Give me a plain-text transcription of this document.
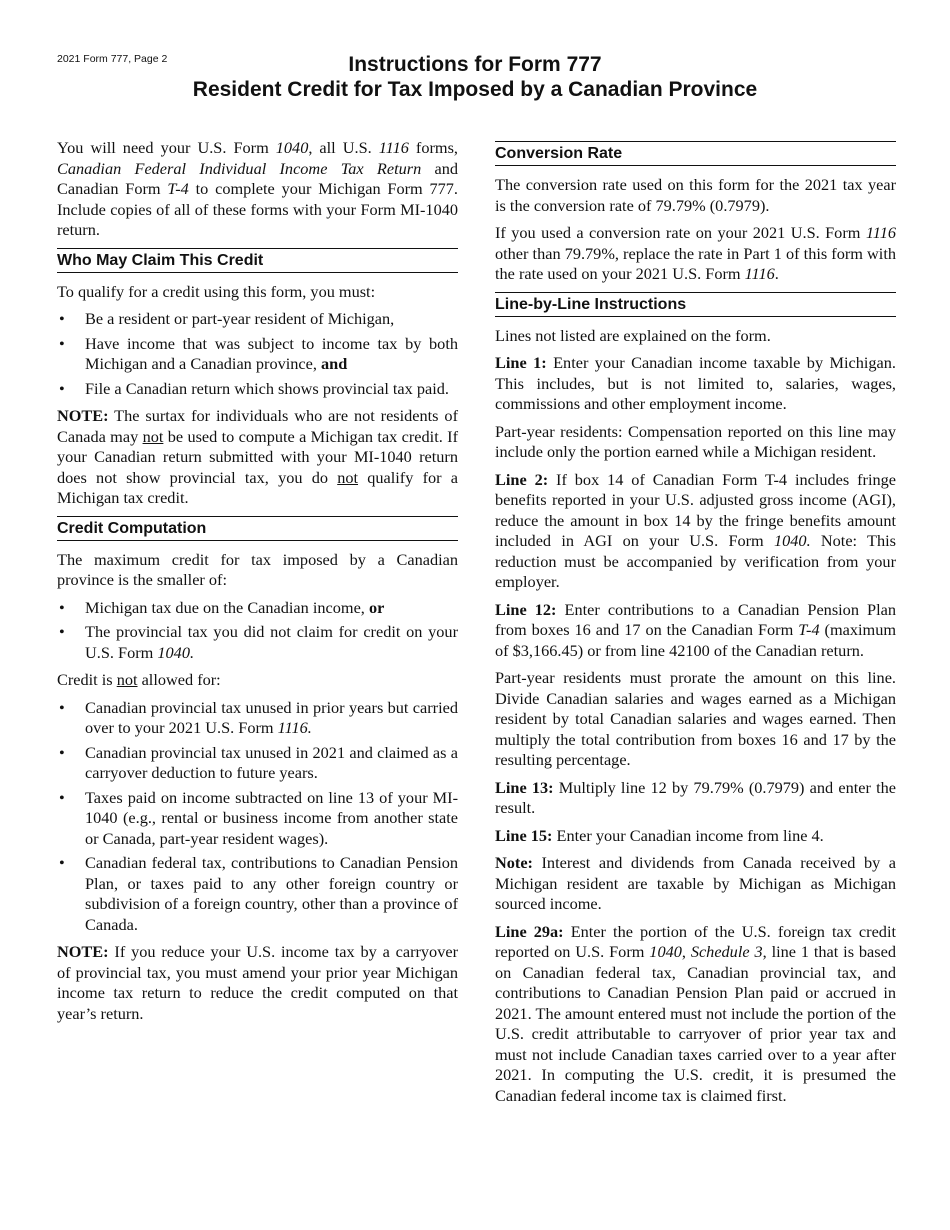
2021 Form 777, Page 2	Instructions for Form 777
Resident Credit for Tax Imposed by a Canadian Province

You will need your U.S. Form 1040, all U.S. 1116 forms, Canadian Federal Individual Income Tax Return and Canadian Form T-4 to complete your Michigan Form 777. Include copies of all of these forms with your Form MI-1040 return.

Who May Claim This Credit

To qualify for a credit using this form, you must:

• Be a resident or part-year resident of Michigan,
• Have income that was subject to income tax by both Michigan and a Canadian province, and
• File a Canadian return which shows provincial tax paid.

NOTE: The surtax for individuals who are not residents of Canada may not be used to compute a Michigan tax credit. If your Canadian return submitted with your MI-1040 return does not show provincial tax, you do not qualify for a Michigan tax credit.

Credit Computation

The maximum credit for tax imposed by a Canadian province is the smaller of:

• Michigan tax due on the Canadian income, or
• The provincial tax you did not claim for credit on your U.S. Form 1040.

Credit is not allowed for:

• Canadian provincial tax unused in prior years but carried over to your 2021 U.S. Form 1116.
• Canadian provincial tax unused in 2021 and claimed as a carryover deduction to future years.
• Taxes paid on income subtracted on line 13 of your MI-1040 (e.g., rental or business income from another state or Canada, part-year resident wages).
• Canadian federal tax, contributions to Canadian Pension Plan, or taxes paid to any other foreign country or subdivision of a foreign country, other than a province of Canada.

NOTE: If you reduce your U.S. income tax by a carryover of provincial tax, you must amend your prior year Michigan income tax return to reduce the credit computed on that year’s return.

Conversion Rate

The conversion rate used on this form for the 2021 tax year is the conversion rate of 79.79% (0.7979).

If you used a conversion rate on your 2021 U.S. Form 1116 other than 79.79%, replace the rate in Part 1 of this form with the rate used on your 2021 U.S. Form 1116.

Line-by-Line Instructions

Lines not listed are explained on the form.

Line 1: Enter your Canadian income taxable by Michigan. This includes, but is not limited to, salaries, wages, commissions and other employment income.

Part-year residents: Compensation reported on this line may include only the portion earned while a Michigan resident.

Line 2: If box 14 of Canadian Form T-4 includes fringe benefits reported in your U.S. adjusted gross income (AGI), reduce the amount in box 14 by the fringe benefits amount included in AGI on your U.S. Form 1040. Note: This reduction must be accompanied by verification from your employer.

Line 12: Enter contributions to a Canadian Pension Plan from boxes 16 and 17 on the Canadian Form T-4 (maximum of $3,166.45) or from line 42100 of the Canadian return.

Part-year residents must prorate the amount on this line. Divide Canadian salaries and wages earned as a Michigan resident by total Canadian salaries and wages earned. Then multiply the total contribution from boxes 16 and 17 by the resulting percentage.

Line 13: Multiply line 12 by 79.79% (0.7979) and enter the result.

Line 15: Enter your Canadian income from line 4.

Note: Interest and dividends from Canada received by a Michigan resident are taxable by Michigan as Michigan sourced income.

Line 29a: Enter the portion of the U.S. foreign tax credit reported on U.S. Form 1040, Schedule 3, line 1 that is based on Canadian federal tax, Canadian provincial tax, and contributions to Canadian Pension Plan paid or accrued in 2021. The amount entered must not include the portion of the U.S. credit attributable to carryover of prior year tax and must not include Canadian taxes carried over to a year after 2021. In computing the U.S. credit, it is presumed the Canadian federal income tax is claimed first.
